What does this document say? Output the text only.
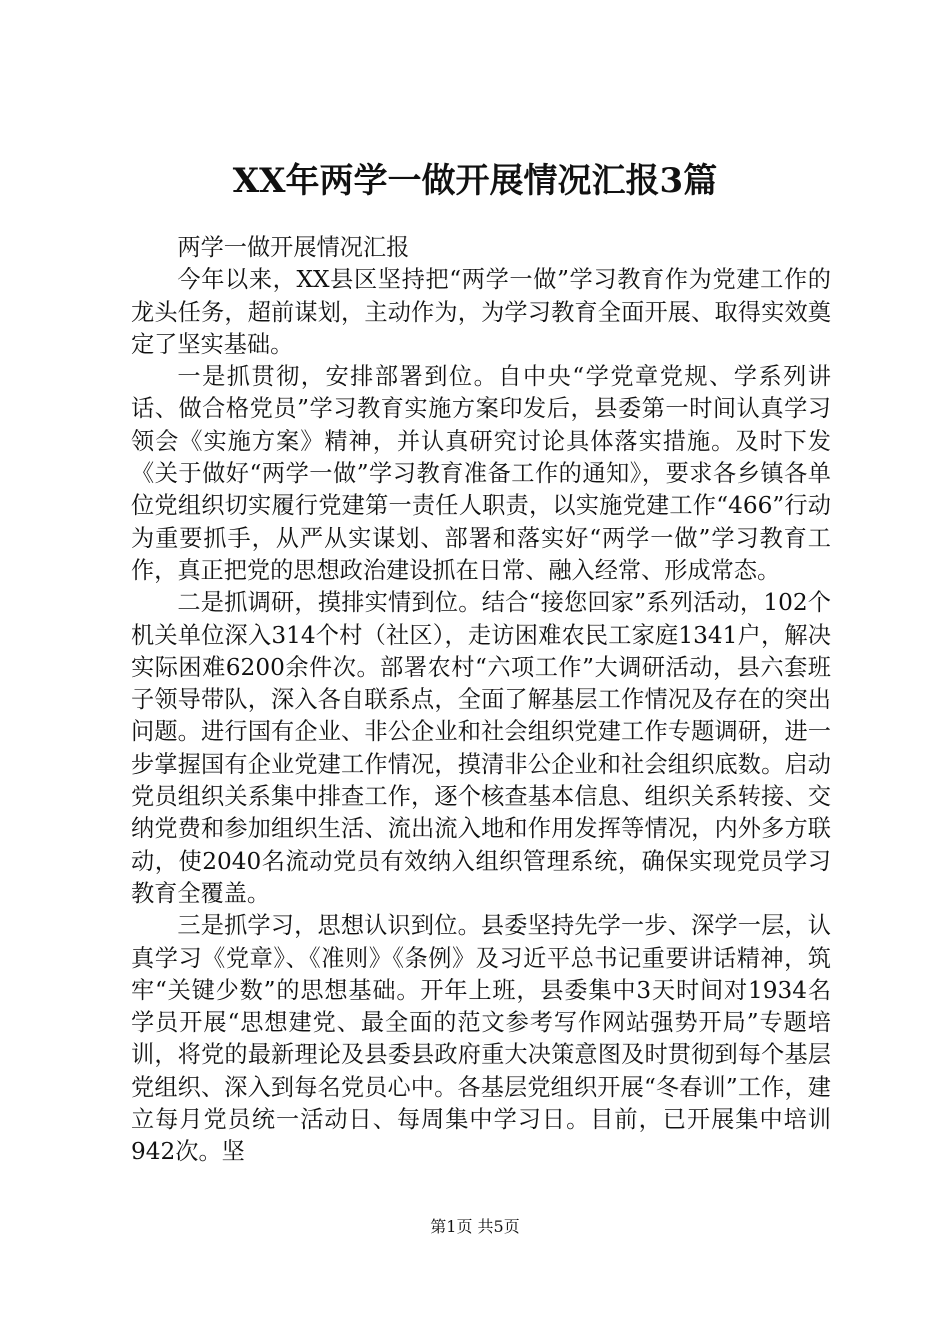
XX年两学一做开展情况汇报3篇

两学一做开展情况汇报

今年以来，XX县区坚持把“两学一做”学习教育作为党建工作的龙头任务，超前谋划，主动作为，为学习教育全面开展、取得实效奠定了坚实基础。

一是抓贯彻，安排部署到位。自中央“学党章党规、学系列讲话、做合格党员”学习教育实施方案印发后，县委第一时间认真学习领会《实施方案》精神，并认真研究讨论具体落实措施。及时下发《关于做好“两学一做”学习教育准备工作的通知》，要求各乡镇各单位党组织切实履行党建第一责任人职责，以实施党建工作“466”行动为重要抓手，从严从实谋划、部署和落实好“两学一做”学习教育工作，真正把党的思想政治建设抓在日常、融入经常、形成常态。

二是抓调研，摸排实情到位。结合“接您回家”系列活动，102个机关单位深入314个村（社区），走访困难农民工家庭1341户，解决实际困难6200余件次。部署农村“六项工作”大调研活动，县六套班子领导带队，深入各自联系点，全面了解基层工作情况及存在的突出问题。进行国有企业、非公企业和社会组织党建工作专题调研，进一步掌握国有企业党建工作情况，摸清非公企业和社会组织底数。启动党员组织关系集中排查工作，逐个核查基本信息、组织关系转接、交纳党费和参加组织生活、流出流入地和作用发挥等情况，内外多方联动，使2040名流动党员有效纳入组织管理系统，确保实现党员学习教育全覆盖。

三是抓学习，思想认识到位。县委坚持先学一步、深学一层，认真学习《党章》、《准则》《条例》及习近平总书记重要讲话精神，筑牢“关键少数”的思想基础。开年上班，县委集中3天时间对1934名学员开展“思想建党、最全面的范文参考写作网站强势开局”专题培训，将党的最新理论及县委县政府重大决策意图及时贯彻到每个基层党组织、深入到每名党员心中。各基层党组织开展“冬春训”工作，建立每月党员统一活动日、每周集中学习日。目前，已开展集中培训942次。坚

第1页 共5页
